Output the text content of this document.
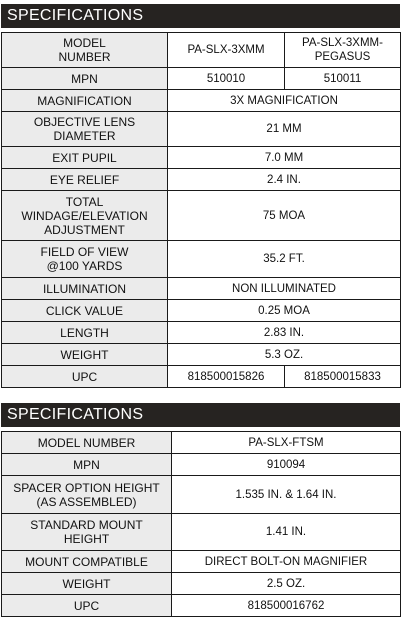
SPECIFICATIONS
MODEL NUMBER	PA-SLX-3XMM	PA-SLX-3XMM-PEGASUS
MPN	510010	510011
MAGNIFICATION	3X MAGNIFICATION	
OBJECTIVE LENS DIAMETER	21 MM	
EXIT PUPIL	7.0 MM	
EYE RELIEF	2.4 IN.	
TOTAL WINDAGE/ELEVATION ADJUSTMENT	75 MOA	
FIELD OF VIEW @100 YARDS	35.2 FT.	
ILLUMINATION	NON ILLUMINATED	
CLICK VALUE	0.25 MOA	
LENGTH	2.83 IN.	
WEIGHT	5.3 OZ.	
UPC	818500015826	818500015833
SPECIFICATIONS
MODEL NUMBER	PA-SLX-FTSM
MPN	910094
SPACER OPTION HEIGHT (AS ASSEMBLED)	1.535 IN. & 1.64 IN.
STANDARD MOUNT HEIGHT	1.41 IN.
MOUNT COMPATIBLE	DIRECT BOLT-ON MAGNIFIER
WEIGHT	2.5 OZ.
UPC	818500016762
